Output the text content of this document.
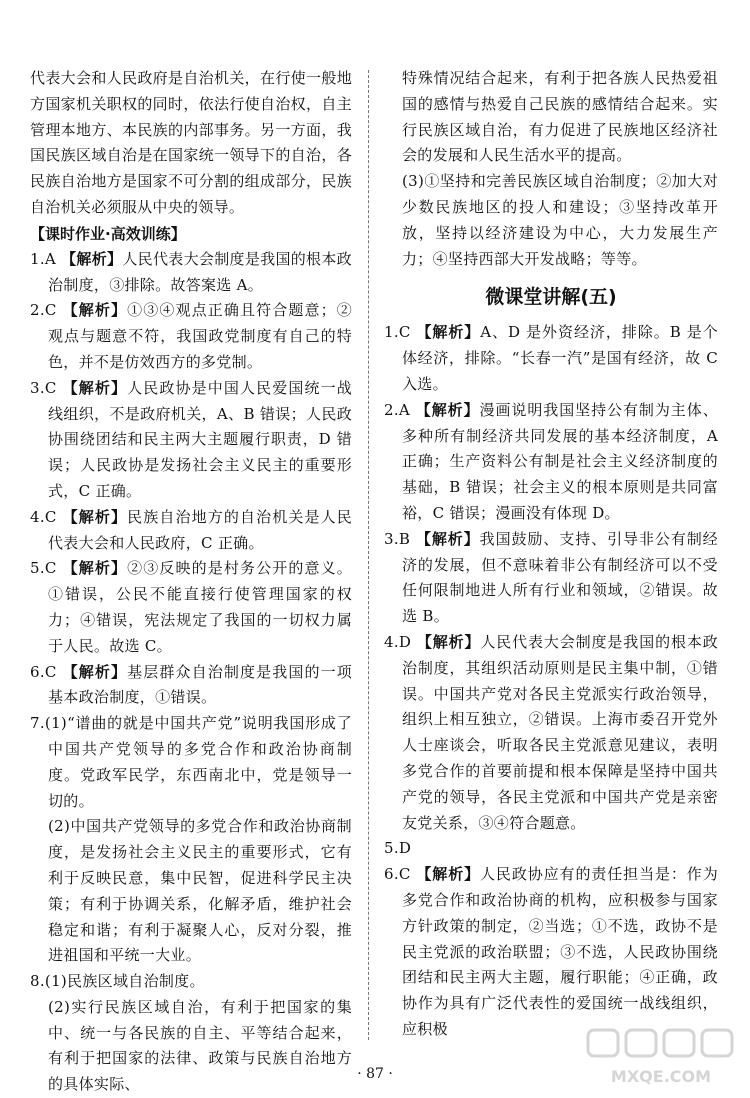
代表大会和人民政府是自治机关，在行使一般地方国家机关职权的同时，依法行使自治权，自主管理本地方、本民族的内部事务。另一方面，我国民族区域自治是在国家统一领导下的自治，各民族自治地方是国家不可分割的组成部分，民族自治机关必须服从中央的领导。

【课时作业·高效训练】

1.A 【解析】人民代表大会制度是我国的根本政治制度，③排除。故答案选 A。

2.C 【解析】①③④观点正确且符合题意；②观点与题意不符，我国政党制度有自己的特色，并不是仿效西方的多党制。

3.C 【解析】人民政协是中国人民爱国统一战线组织，不是政府机关，A、B 错误；人民政协围绕团结和民主两大主题履行职责，D 错误；人民政协是发扬社会主义民主的重要形式，C 正确。

4.C 【解析】民族自治地方的自治机关是人民代表大会和人民政府，C 正确。

5.C 【解析】②③反映的是村务公开的意义。①错误，公民不能直接行使管理国家的权力；④错误，宪法规定了我国的一切权力属于人民。故选 C。

6.C 【解析】基层群众自治制度是我国的一项基本政治制度，①错误。

7.(1)“谱曲的就是中国共产党”说明我国形成了中国共产党领导的多党合作和政治协商制度。党政军民学，东西南北中，党是领导一切的。

(2)中国共产党领导的多党合作和政治协商制度，是发扬社会主义民主的重要形式，它有利于反映民意，集中民智，促进科学民主决策；有利于协调关系，化解矛盾，维护社会稳定和谐；有利于凝聚人心，反对分裂，推进祖国和平统一大业。

8.(1)民族区域自治制度。

(2)实行民族区域自治，有利于把国家的集中、统一与各民族的自主、平等结合起来，有利于把国家的法律、政策与民族自治地方的具体实际、

特殊情况结合起来，有利于把各族人民热爱祖国的感情与热爱自己民族的感情结合起来。实行民族区域自治，有力促进了民族地区经济社会的发展和人民生活水平的提高。

(3)①坚持和完善民族区域自治制度；②加大对少数民族地区的投人和建设；③坚持改革开放，坚持以经济建设为中心，大力发展生产力；④坚持西部大开发战略；等等。

微课堂讲解(五)

1.C 【解析】A、D 是外资经济，排除。B 是个体经济，排除。“长春一汽”是国有经济，故 C 入选。

2.A 【解析】漫画说明我国坚持公有制为主体、多种所有制经济共同发展的基本经济制度，A 正确；生产资料公有制是社会主义经济制度的基础，B 错误；社会主义的根本原则是共同富裕，C 错误；漫画没有体现 D。

3.B 【解析】我国鼓励、支持、引导非公有制经济的发展，但不意味着非公有制经济可以不受任何限制地进人所有行业和领域，②错误。故选 B。

4.D 【解析】人民代表大会制度是我国的根本政治制度，其组织活动原则是民主集中制，①错误。中国共产党对各民主党派实行政治领导，组织上相互独立，②错误。上海市委召开党外人士座谈会，听取各民主党派意见建议，表明多党合作的首要前提和根本保障是坚持中国共产党的领导，各民主党派和中国共产党是亲密友党关系，③④符合题意。

5.D

6.C 【解析】人民政协应有的责任担当是：作为多党合作和政治协商的机构，应积极参与国家方针政策的制定，②当选；①不选，政协不是民主党派的政治联盟；③不选，人民政协围绕团结和民主两大主题，履行职能；④正确，政协作为具有广泛代表性的爱国统一战线组织，应积极

· 87 ·	MXQE.COM
